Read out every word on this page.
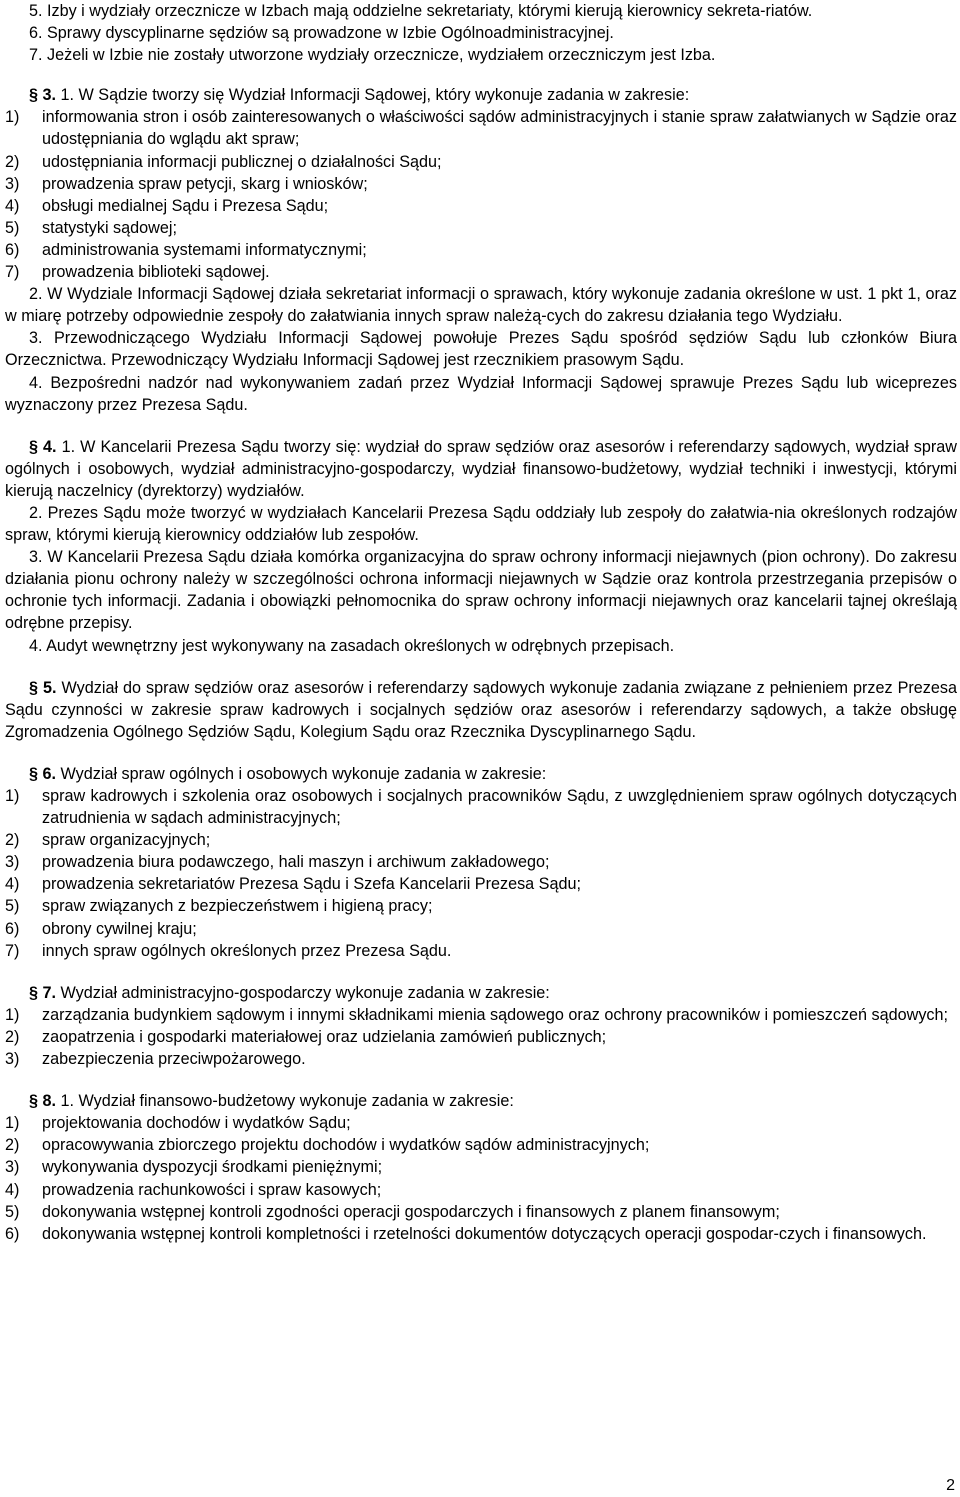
5. Izby i wydziały orzecznicze w Izbach mają oddzielne sekretariaty, którymi kierują kierownicy sekreta-riatów.

6. Sprawy dyscyplinarne sędziów są prowadzone w Izbie Ogólnoadministracyjnej.

7. Jeżeli w Izbie nie zostały utworzone wydziały orzecznicze, wydziałem orzeczniczym jest Izba.

§ 3. 1. W Sądzie tworzy się Wydział Informacji Sądowej, który wykonuje zadania w zakresie:

1)	informowania stron i osób zainteresowanych o właściwości sądów administracyjnych i stanie spraw załatwianych w Sądzie oraz udostępniania do wglądu akt spraw;
2)	udostępniania informacji publicznej o działalności Sądu;
3)	prowadzenia spraw petycji, skarg i wniosków;
4)	obsługi medialnej Sądu i Prezesa Sądu;
5)	statystyki sądowej;
6)	administrowania systemami informatycznymi;
7)	prowadzenia biblioteki sądowej.

2. W Wydziale Informacji Sądowej działa sekretariat informacji o sprawach, który wykonuje zadania określone w ust. 1 pkt 1, oraz w miarę potrzeby odpowiednie zespoły do załatwiania innych spraw należą-cych do zakresu działania tego Wydziału.

3. Przewodniczącego Wydziału Informacji Sądowej powołuje Prezes Sądu spośród sędziów Sądu lub członków Biura Orzecznictwa. Przewodniczący Wydziału Informacji Sądowej jest rzecznikiem prasowym Sądu.

4. Bezpośredni nadzór nad wykonywaniem zadań przez Wydział Informacji Sądowej sprawuje Prezes Sądu lub wiceprezes wyznaczony przez Prezesa Sądu.

§ 4. 1. W Kancelarii Prezesa Sądu tworzy się: wydział do spraw sędziów oraz asesorów i referendarzy sądowych, wydział spraw ogólnych i osobowych, wydział administracyjno-gospodarczy, wydział finansowo-budżetowy, wydział techniki i inwestycji, którymi kierują naczelnicy (dyrektorzy) wydziałów.

2. Prezes Sądu może tworzyć w wydziałach Kancelarii Prezesa Sądu oddziały lub zespoły do załatwia-nia określonych rodzajów spraw, którymi kierują kierownicy oddziałów lub zespołów.

3. W Kancelarii Prezesa Sądu działa komórka organizacyjna do spraw ochrony informacji niejawnych (pion ochrony). Do zakresu działania pionu ochrony należy w szczególności ochrona informacji niejawnych w Sądzie oraz kontrola przestrzegania przepisów o ochronie tych informacji. Zadania i obowiązki pełnomocnika do spraw ochrony informacji niejawnych oraz kancelarii tajnej określają odrębne przepisy.

4. Audyt wewnętrzny jest wykonywany na zasadach określonych w odrębnych przepisach.

§ 5. Wydział do spraw sędziów oraz asesorów i referendarzy sądowych wykonuje zadania związane z pełnieniem przez Prezesa Sądu czynności w zakresie spraw kadrowych i socjalnych sędziów oraz asesorów i referendarzy sądowych, a także obsługę Zgromadzenia Ogólnego Sędziów Sądu, Kolegium Sądu oraz Rzecznika Dyscyplinarnego Sądu.

§ 6. Wydział spraw ogólnych i osobowych wykonuje zadania w zakresie:

1)	spraw kadrowych i szkolenia oraz osobowych i socjalnych pracowników Sądu, z uwzględnieniem spraw ogólnych dotyczących zatrudnienia w sądach administracyjnych;
2)	spraw organizacyjnych;
3)	prowadzenia biura podawczego, hali maszyn i archiwum zakładowego;
4)	prowadzenia sekretariatów Prezesa Sądu i Szefa Kancelarii Prezesa Sądu;
5)	spraw związanych z bezpieczeństwem i higieną pracy;
6)	obrony cywilnej kraju;
7)	innych spraw ogólnych określonych przez Prezesa Sądu.

§ 7. Wydział administracyjno-gospodarczy wykonuje zadania w zakresie:

1)	zarządzania budynkiem sądowym i innymi składnikami mienia sądowego oraz ochrony pracowników i pomieszczeń sądowych;
2)	zaopatrzenia i gospodarki materiałowej oraz udzielania zamówień publicznych;
3)	zabezpieczenia przeciwpożarowego.

§ 8. 1. Wydział finansowo-budżetowy wykonuje zadania w zakresie:

1)	projektowania dochodów i wydatków Sądu;
2)	opracowywania zbiorczego projektu dochodów i wydatków sądów administracyjnych;
3)	wykonywania dyspozycji środkami pieniężnymi;
4)	prowadzenia rachunkowości i spraw kasowych;
5)	dokonywania wstępnej kontroli zgodności operacji gospodarczych i finansowych z planem finansowym;
6)	dokonywania wstępnej kontroli kompletności i rzetelności dokumentów dotyczących operacji gospodar-czych i finansowych.
2
